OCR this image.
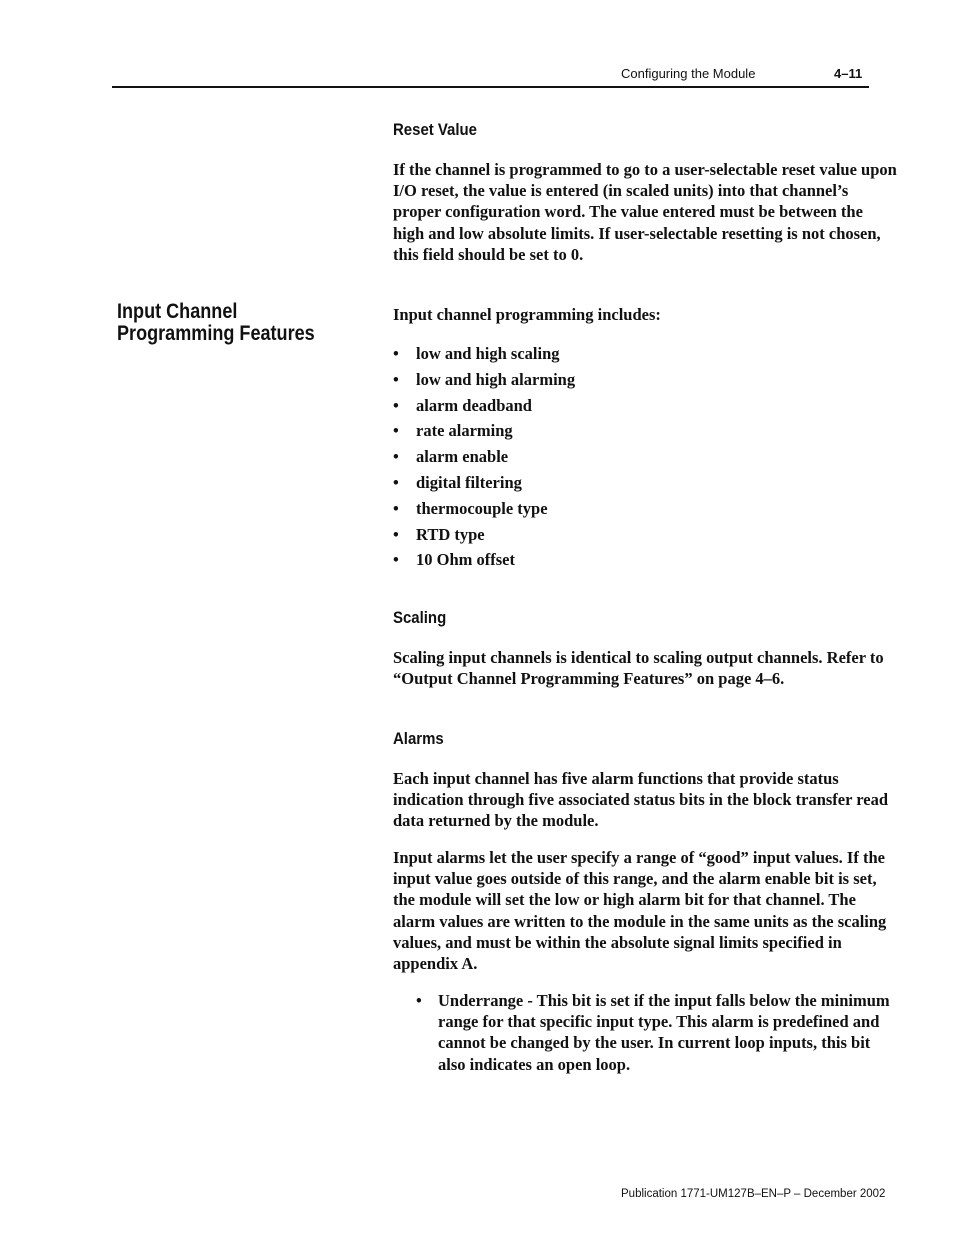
Configuring the Module	4–11
Reset Value

If the channel is programmed to go to a user-selectable reset value upon I/O reset, the value is entered (in scaled units) into that channel’s proper configuration word. The value entered must be between the high and low absolute limits. If user-selectable resetting is not chosen, this field should be set to 0.

Input Channel
Programming Features

Input channel programming includes:

• low and high scaling
• low and high alarming
• alarm deadband
• rate alarming
• alarm enable
• digital filtering
• thermocouple type
• RTD type
• 10 Ohm offset
Scaling

Scaling input channels is identical to scaling output channels. Refer to “Output Channel Programming Features” on page 4–6.

Alarms

Each input channel has five alarm functions that provide status indication through five associated status bits in the block transfer read data returned by the module.

Input alarms let the user specify a range of “good” input values. If the input value goes outside of this range, and the alarm enable bit is set, the module will set the low or high alarm bit for that channel. The alarm values are written to the module in the same units as the scaling values, and must be within the absolute signal limits specified in appendix A.

• Underrange - This bit is set if the input falls below the minimum range for that specific input type. This alarm is predefined and cannot be changed by the user. In current loop inputs, this bit also indicates an open loop.
Publication 1771-UM127B–EN–P – December 2002
